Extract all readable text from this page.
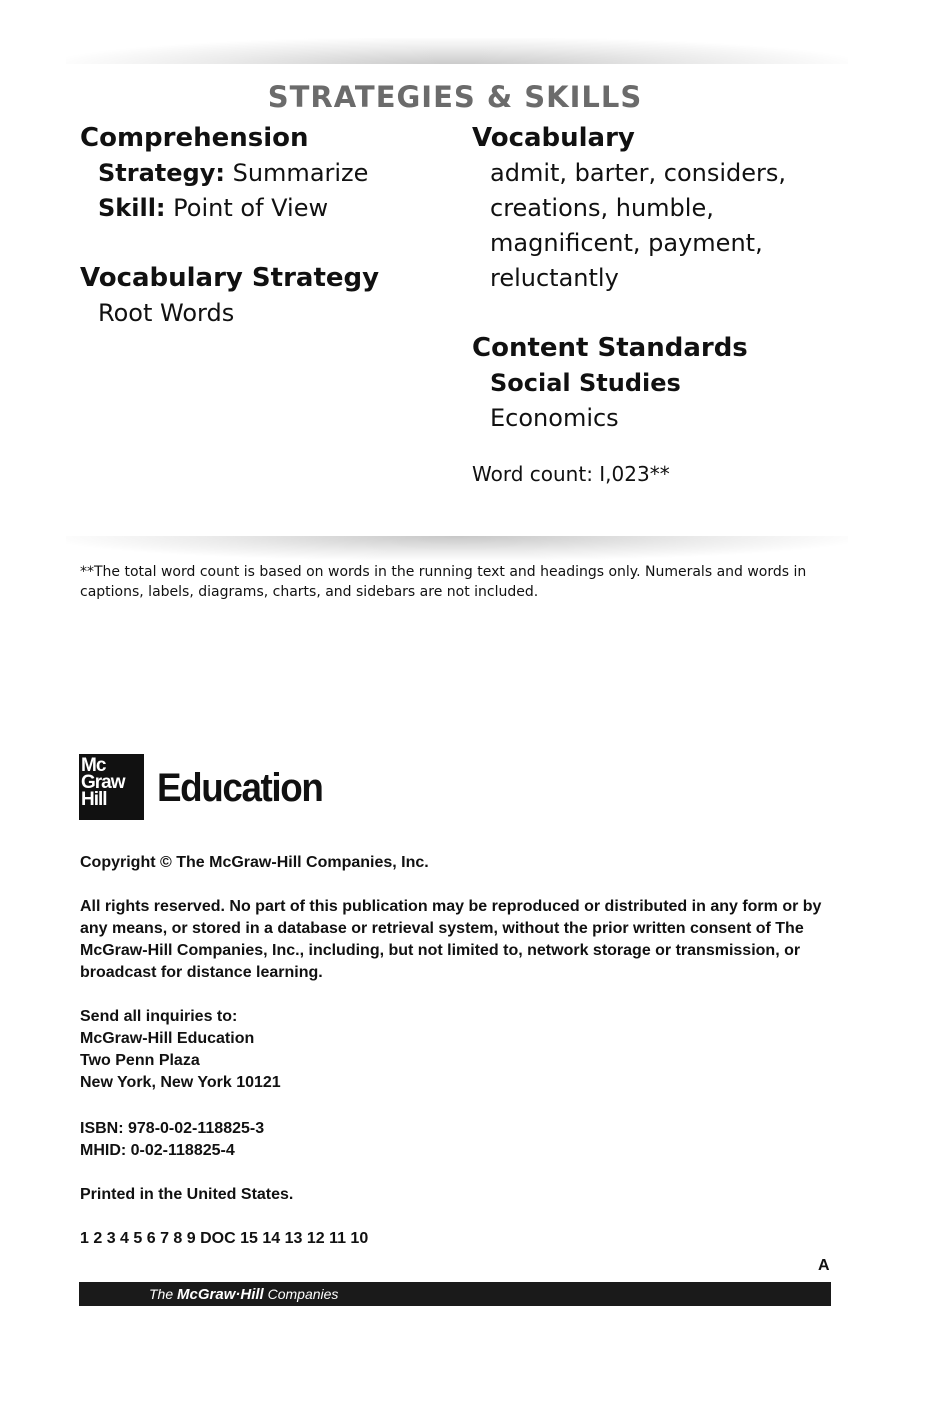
STRATEGIES & SKILLS
Comprehension
Strategy: Summarize
Skill: Point of View
Vocabulary Strategy
Root Words
Vocabulary
admit, barter, considers,
creations, humble,
magnificent, payment,
reluctantly
Content Standards
Social Studies
Economics
Word count: I,023**
**The total word count is based on words in the running text and headings only. Numerals and words in captions, labels, diagrams, charts, and sidebars are not included.
Mc
Graw
Hill	Education
Copyright © The McGraw-Hill Companies, Inc.
All rights reserved. No part of this publication may be reproduced or distributed in any form or by any means, or stored in a database or retrieval system, without the prior written consent of The McGraw-Hill Companies, Inc., including, but not limited to, network storage or transmission, or broadcast for distance learning.
Send all inquiries to:
McGraw-Hill Education
Two Penn Plaza
New York, New York 10121
ISBN: 978-0-02-118825-3
MHID: 0-02-118825-4
Printed in the United States.
1 2 3 4 5 6 7 8 9 DOC 15 14 13 12 11 10
A
The McGraw·Hill Companies
